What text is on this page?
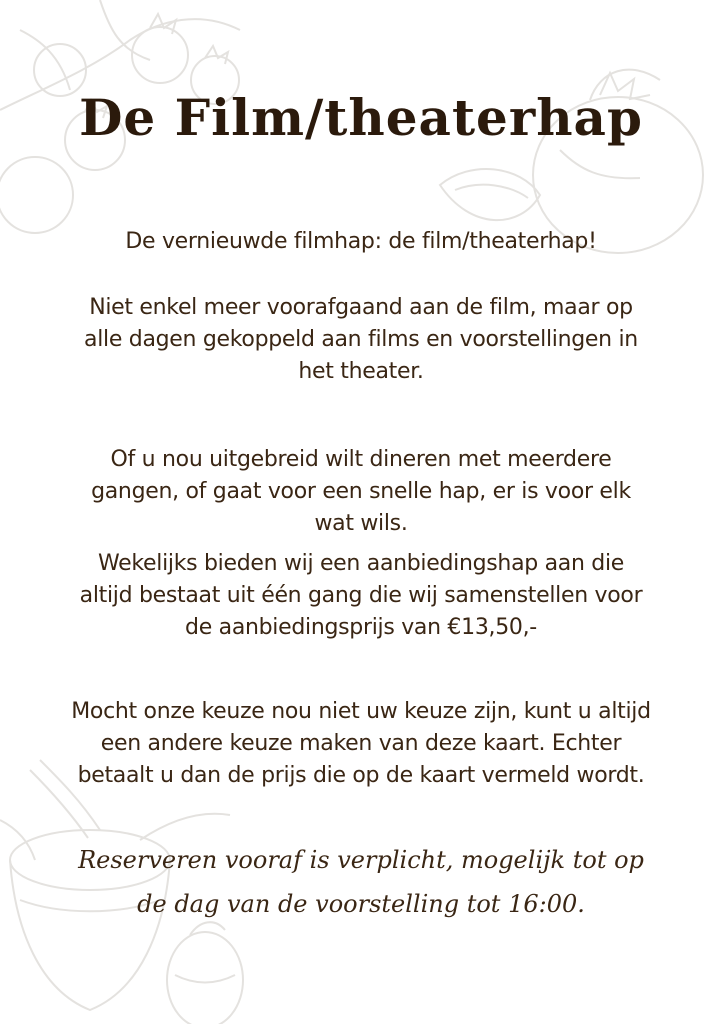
De Film/theaterhap

De vernieuwde filmhap: de film/theaterhap!

Niet enkel meer voorafgaand aan de film, maar op alle dagen gekoppeld aan films en voorstellingen in het theater.

Of u nou uitgebreid wilt dineren met meerdere gangen, of gaat voor een snelle hap, er is voor elk wat wils.

Wekelijks bieden wij een aanbiedingshap aan die altijd bestaat uit één gang die wij samenstellen voor de aanbiedingsprijs van €13,50,-

Mocht onze keuze nou niet uw keuze zijn, kunt u altijd een andere keuze maken van deze kaart. Echter betaalt u dan de prijs die op de kaart vermeld wordt.

Reserveren vooraf is verplicht, mogelijk tot op de dag van de voorstelling tot 16:00.
